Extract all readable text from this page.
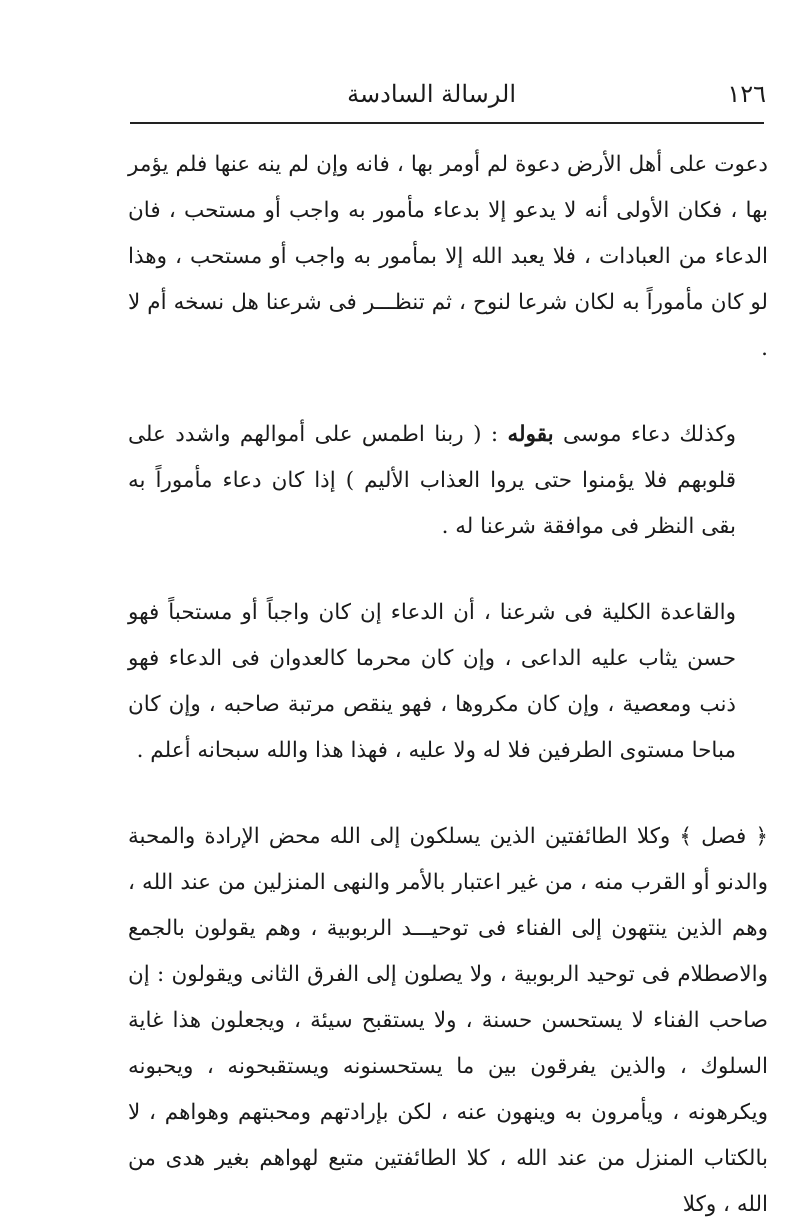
١٢٦
الرسالة السادسة

دعوت على أهل الأرض دعوة لم أومر بها ، فانه وإن لم ينه عنها فلم يؤمر بها ، فكان الأولى أنه لا يدعو إلا بدعاء مأمور به واجب أو مستحب ، فان الدعاء من العبادات ، فلا يعبد الله إلا بمأمور به واجب أو مستحب ، وهذا لو كان مأموراً به لكان شرعا لنوح ، ثم تنظـــر فى شرعنا هل نسخه أم لا .

وكذلك دعاء موسى بقوله : ( ربنا اطمس على أموالهم واشدد على قلوبهم فلا يؤمنوا حتى يروا العذاب الأليم ) إذا كان دعاء مأموراً به بقى النظر فى موافقة شرعنا له .

والقاعدة الكلية فى شرعنا ، أن الدعاء إن كان واجباً أو مستحباً فهو حسن يثاب عليه الداعى ، وإن كان محرما كالعدوان فى الدعاء فهو ذنب ومعصية ، وإن كان مكروها ، فهو ينقص مرتبة صاحبه ، وإن كان مباحا مستوى الطرفين فلا له ولا عليه ، فهذا هذا والله سبحانه أعلم .

﴿ فصل ﴾ وكلا الطائفتين الذين يسلكون إلى الله محض الإرادة والمحبة والدنو أو القرب منه ، من غير اعتبار بالأمر والنهى المنزلين من عند الله ، وهم الذين ينتهون إلى الفناء فى توحيـــد الربوبية ، وهم يقولون بالجمع والاصطلام فى توحيد الربوبية ، ولا يصلون إلى الفرق الثانى ويقولون : إن صاحب الفناء لا يستحسن حسنة ، ولا يستقبح سيئة ، ويجعلون هذا غاية السلوك ، والذين يفرقون بين ما يستحسنونه ويستقبحونه ، ويحبونه ويكرهونه ، ويأمرون به وينهون عنه ، لكن بإرادتهم ومحبتهم وهواهم ، لا بالكتاب المنزل من عند الله ، كلا الطائفتين متبع لهواهم بغير هدى من الله ، وكلا
